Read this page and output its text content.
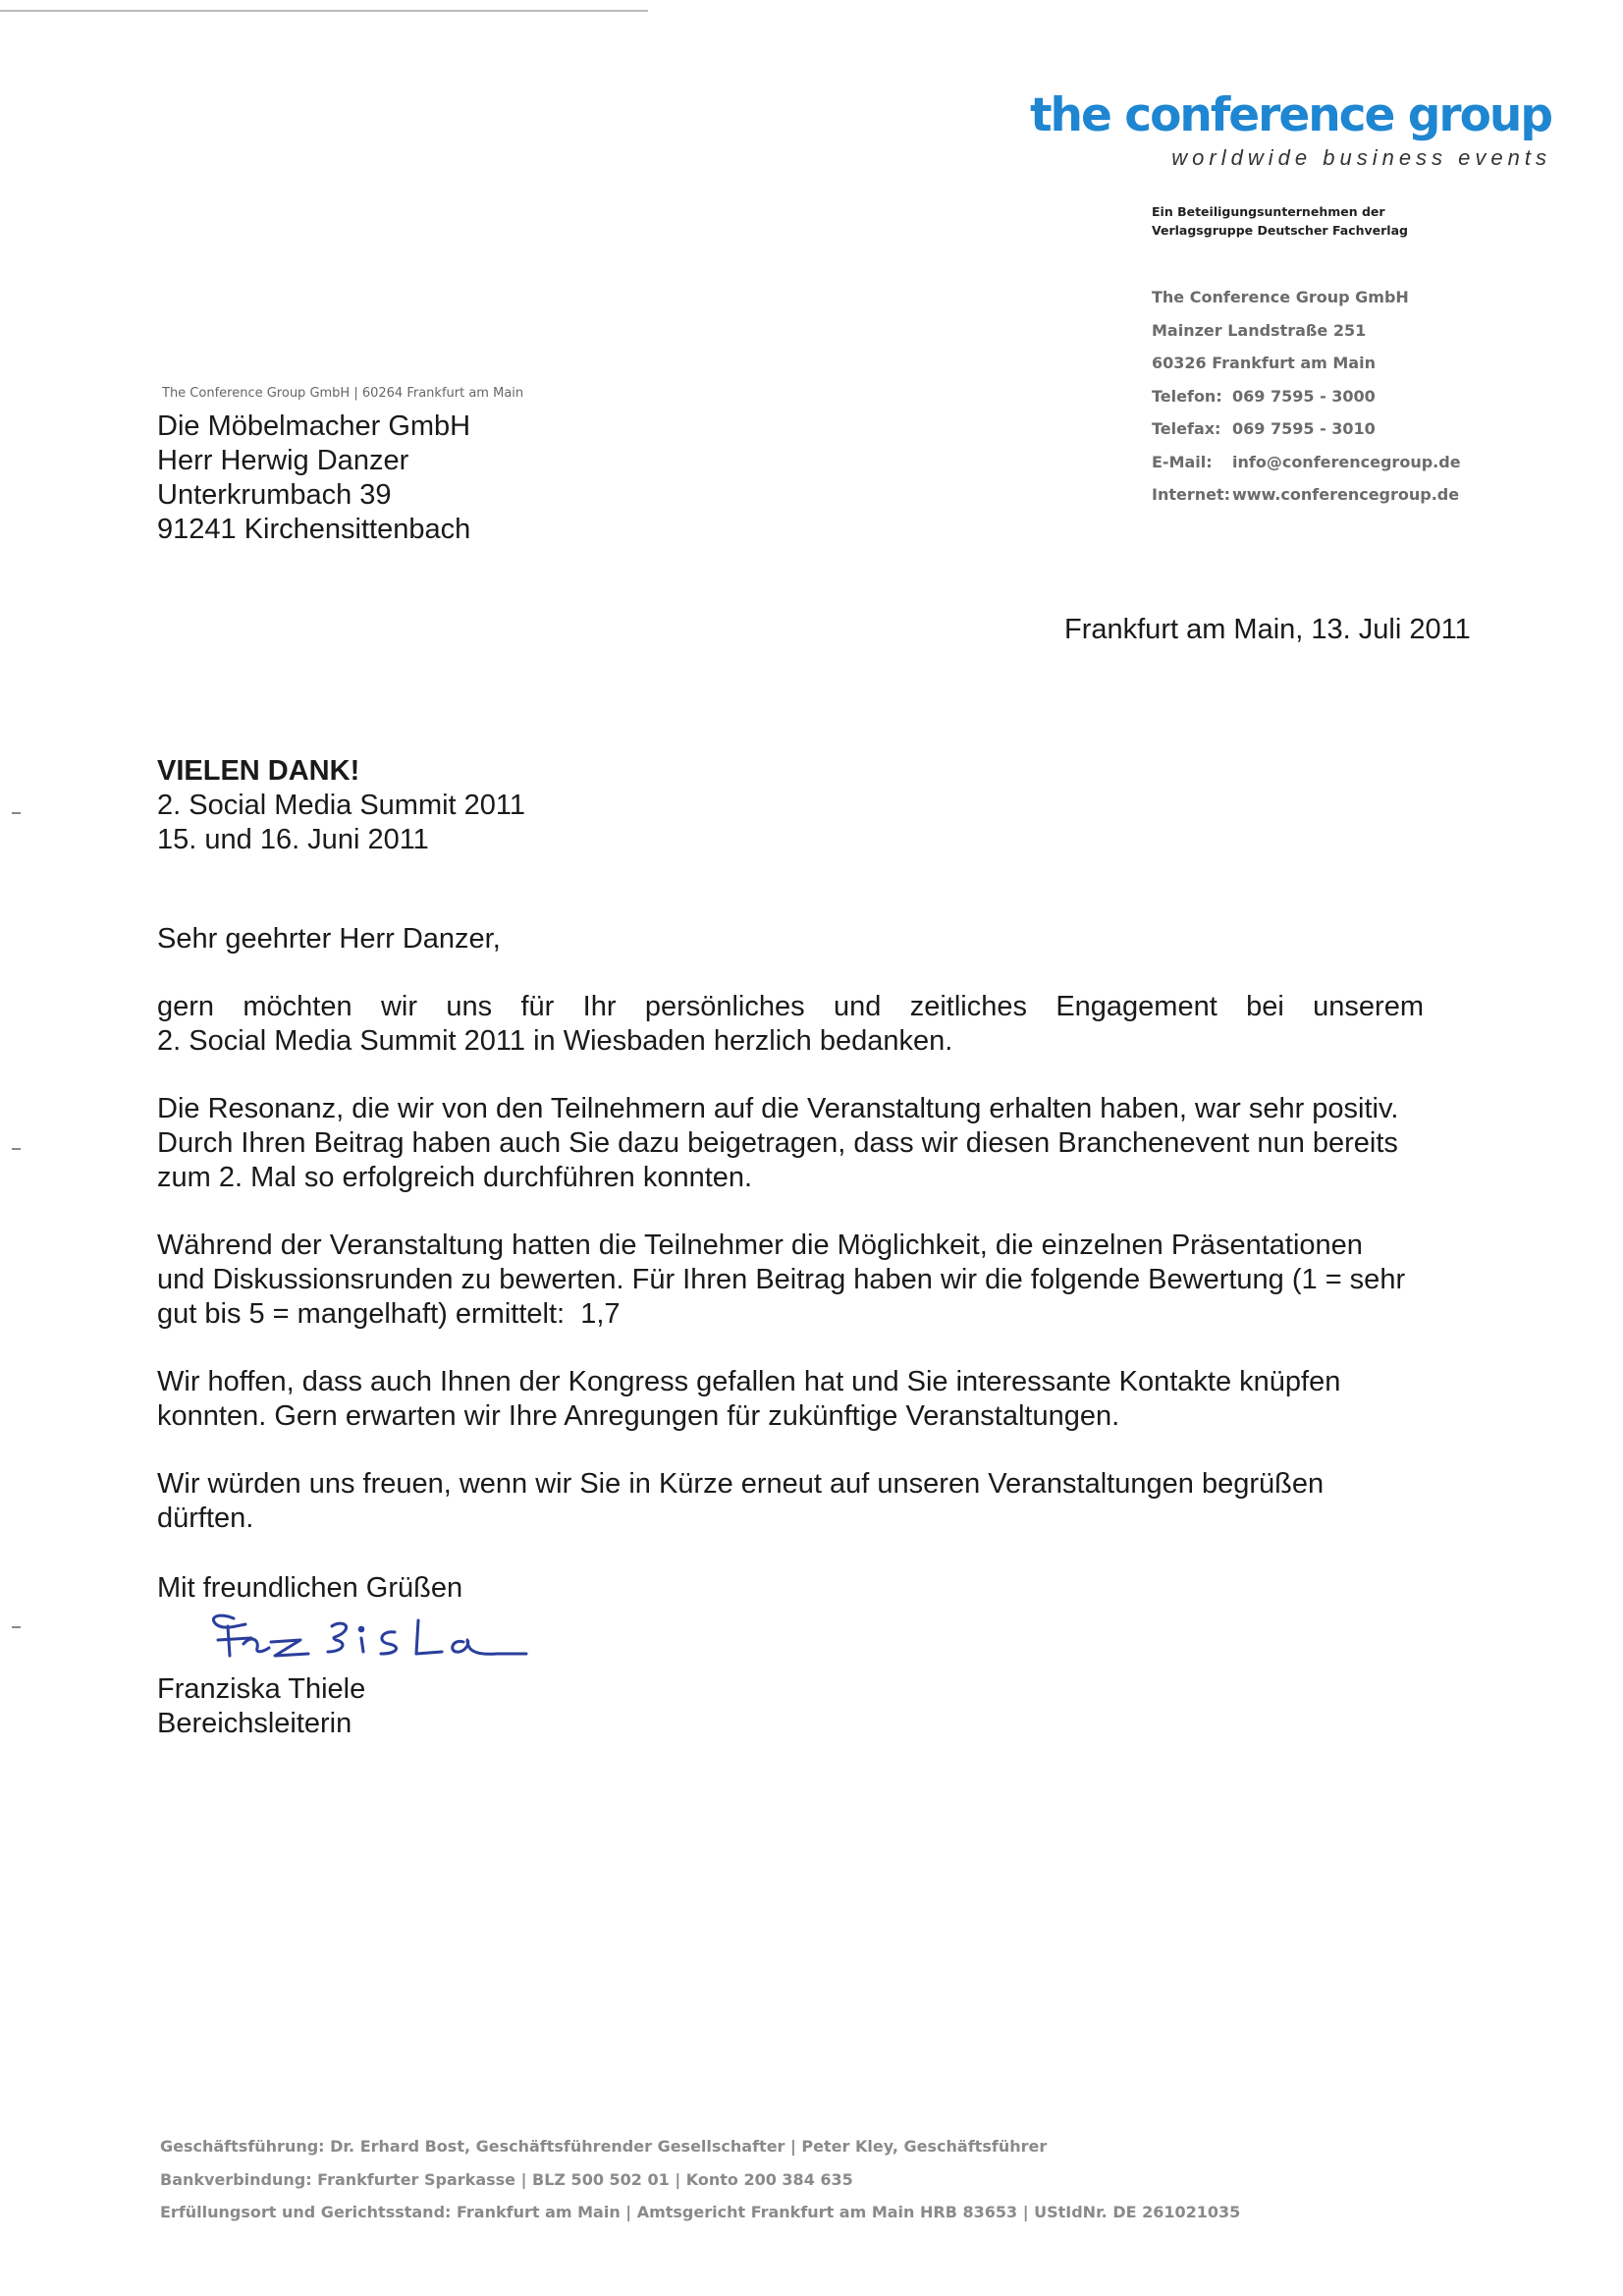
the conference group
worldwide business events
Ein Beteiligungsunternehmen der
Verlagsgruppe Deutscher Fachverlag
The Conference Group GmbH
Mainzer Landstraße 251
60326 Frankfurt am Main
Telefon: 069 7595 - 3000
Telefax: 069 7595 - 3010
E-Mail: info@conferencegroup.de
Internet: www.conferencegroup.de
The Conference Group GmbH | 60264 Frankfurt am Main
Die Möbelmacher GmbH
Herr Herwig Danzer
Unterkrumbach 39
91241 Kirchensittenbach
Frankfurt am Main, 13. Juli 2011
VIELEN DANK!
2. Social Media Summit 2011
15. und 16. Juni 2011

Sehr geehrter Herr Danzer,

gern möchten wir uns für Ihr persönliches und zeitliches Engagement bei unserem

2. Social Media Summit 2011 in Wiesbaden herzlich bedanken.

Die Resonanz, die wir von den Teilnehmern auf die Veranstaltung erhalten haben, war sehr positiv. Durch Ihren Beitrag haben auch Sie dazu beigetragen, dass wir diesen Branchenevent nun bereits zum 2. Mal so erfolgreich durchführen konnten.

Während der Veranstaltung hatten die Teilnehmer die Möglichkeit, die einzelnen Präsentationen und Diskussionsrunden zu bewerten. Für Ihren Beitrag haben wir die folgende Bewertung (1 = sehr gut bis 5 = mangelhaft) ermittelt: 1,7

Wir hoffen, dass auch Ihnen der Kongress gefallen hat und Sie interessante Kontakte knüpfen konnten. Gern erwarten wir Ihre Anregungen für zukünftige Veranstaltungen.

Wir würden uns freuen, wenn wir Sie in Kürze erneut auf unseren Veranstaltungen begrüßen dürften.

Mit freundlichen Grüßen
Franziska Thiele
Bereichsleiterin
Geschäftsführung: Dr. Erhard Bost, Geschäftsführender Gesellschafter | Peter Kley, Geschäftsführer
Bankverbindung: Frankfurter Sparkasse | BLZ 500 502 01 | Konto 200 384 635
Erfüllungsort und Gerichtsstand: Frankfurt am Main | Amtsgericht Frankfurt am Main HRB 83653 | UStIdNr. DE 261021035
